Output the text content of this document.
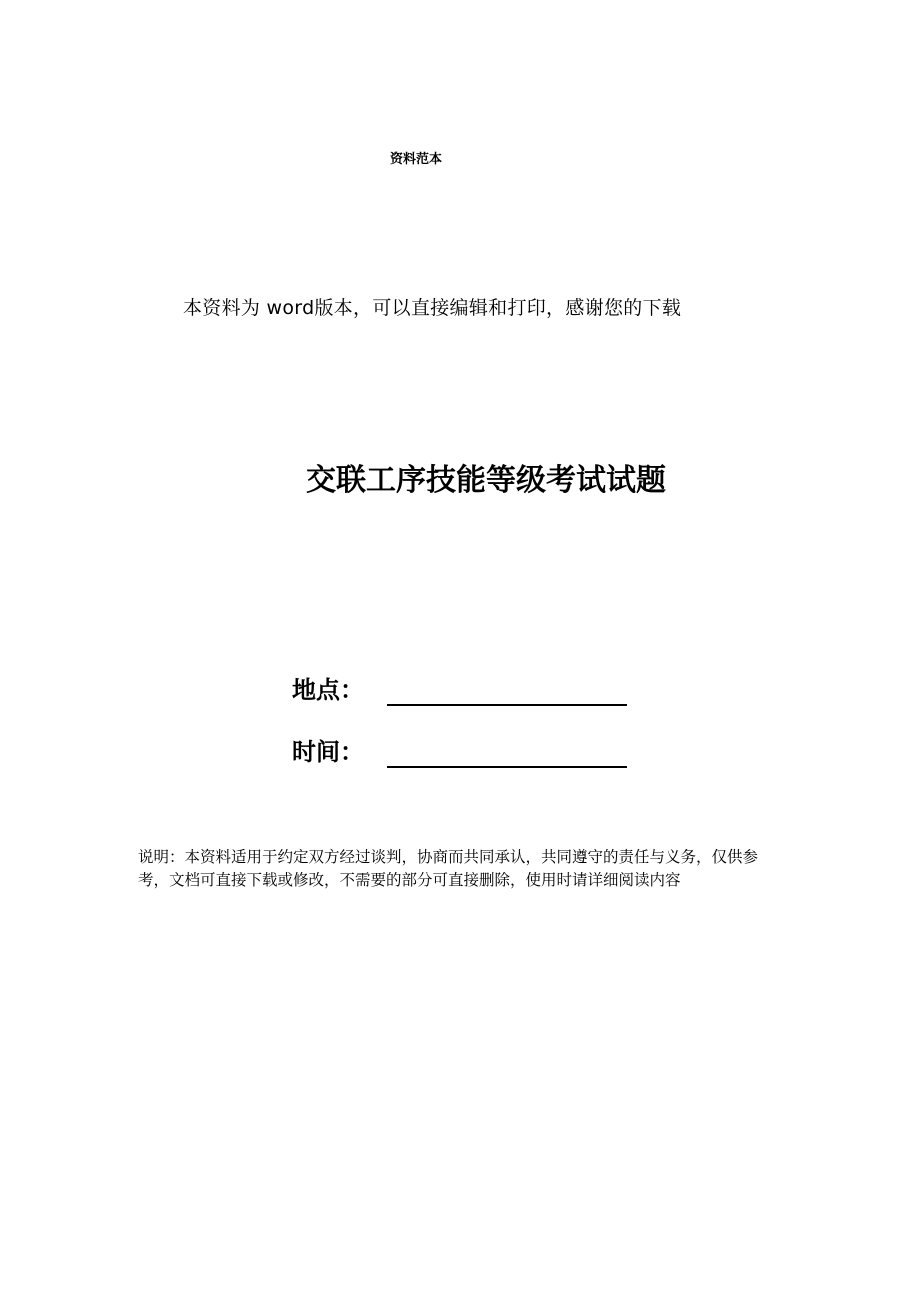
资料范本
本资料为 word版本，可以直接编辑和打印，感谢您的下载
交联工序技能等级考试试题
地点：
时间：
说明：本资料适用于约定双方经过谈判，协商而共同承认，共同遵守的责任与义务，仅供参考，文档可直接下载或修改，不需要的部分可直接删除，使用时请详细阅读内容
